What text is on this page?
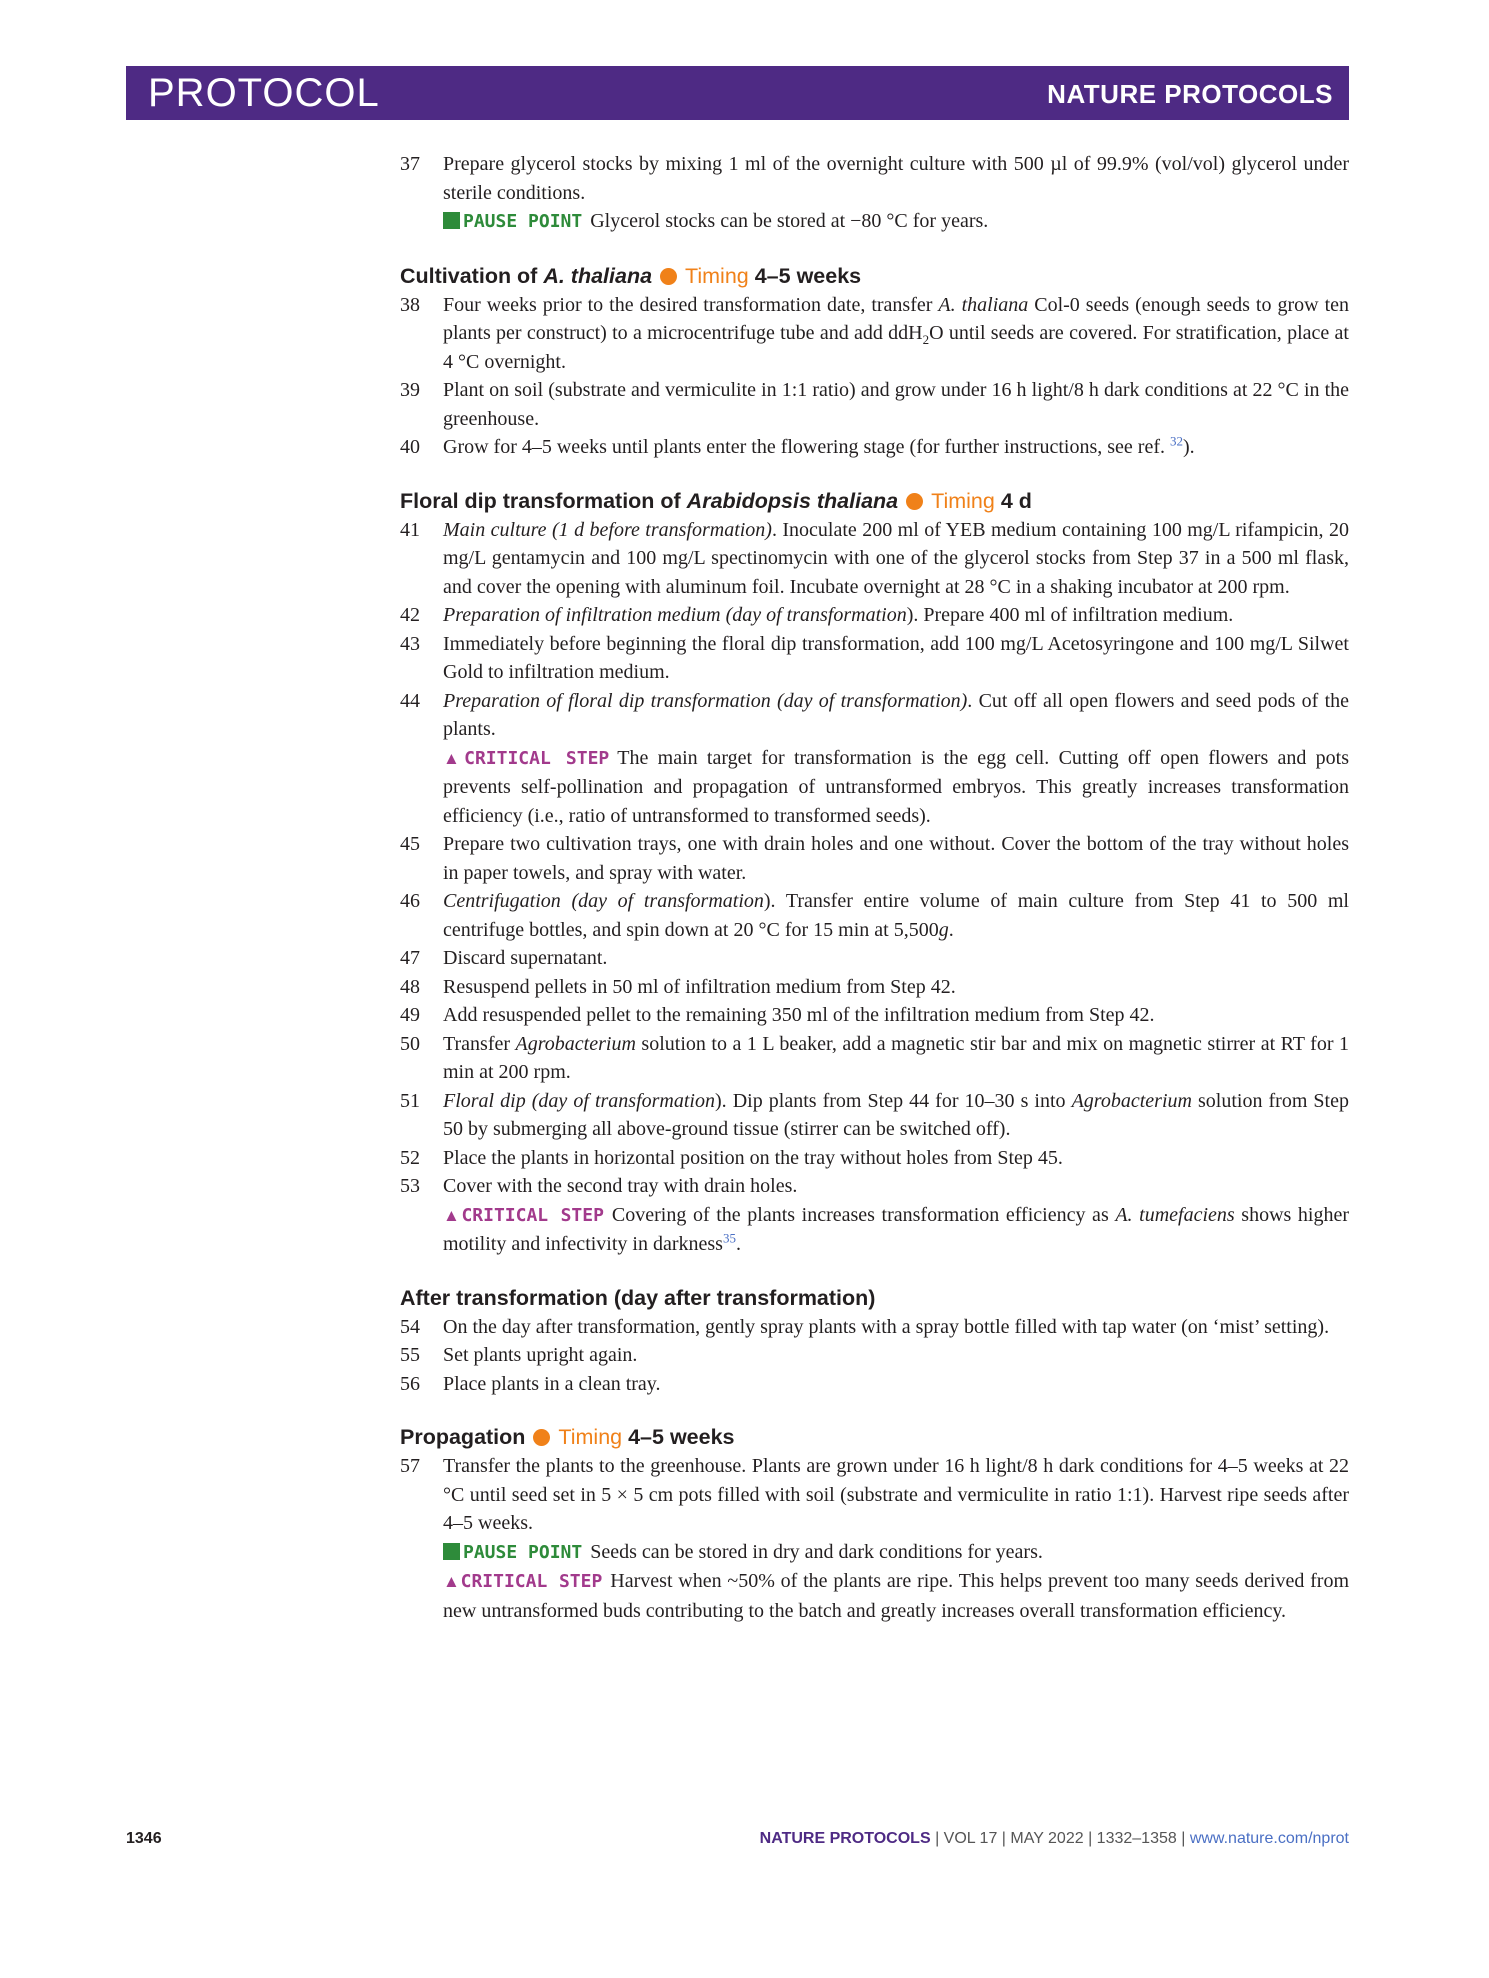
PROTOCOL	NATURE PROTOCOLS
37 Prepare glycerol stocks by mixing 1 ml of the overnight culture with 500 µl of 99.9% (vol/vol) glycerol under sterile conditions.
PAUSE POINT Glycerol stocks can be stored at −80 °C for years.
Cultivation of A. thaliana Timing 4–5 weeks
38 Four weeks prior to the desired transformation date, transfer A. thaliana Col-0 seeds (enough seeds to grow ten plants per construct) to a microcentrifuge tube and add ddH$_2$O until seeds are covered. For stratification, place at 4 °C overnight.
39 Plant on soil (substrate and vermiculite in 1:1 ratio) and grow under 16 h light/8 h dark conditions at 22 °C in the greenhouse.
40 Grow for 4–5 weeks until plants enter the flowering stage (for further instructions, see ref. $^{32}$).
Floral dip transformation of Arabidopsis thaliana Timing 4 d
41 Main culture (1 d before transformation). Inoculate 200 ml of YEB medium containing 100 mg/L rifampicin, 20 mg/L gentamycin and 100 mg/L spectinomycin with one of the glycerol stocks from Step 37 in a 500 ml flask, and cover the opening with aluminum foil. Incubate overnight at 28 °C in a shaking incubator at 200 rpm.
42 Preparation of infiltration medium (day of transformation). Prepare 400 ml of infiltration medium.
43 Immediately before beginning the floral dip transformation, add 100 mg/L Acetosyringone and 100 mg/L Silwet Gold to infiltration medium.
44 Preparation of floral dip transformation (day of transformation). Cut off all open flowers and seed pods of the plants.
▲CRITICAL STEP The main target for transformation is the egg cell. Cutting off open flowers and pots prevents self-pollination and propagation of untransformed embryos. This greatly increases transformation efficiency (i.e., ratio of untransformed to transformed seeds).
45 Prepare two cultivation trays, one with drain holes and one without. Cover the bottom of the tray without holes in paper towels, and spray with water.
46 Centrifugation (day of transformation). Transfer entire volume of main culture from Step 41 to 500 ml centrifuge bottles, and spin down at 20 °C for 15 min at 5,500g.
47 Discard supernatant.
48 Resuspend pellets in 50 ml of infiltration medium from Step 42.
49 Add resuspended pellet to the remaining 350 ml of the infiltration medium from Step 42.
50 Transfer Agrobacterium solution to a 1 L beaker, add a magnetic stir bar and mix on magnetic stirrer at RT for 1 min at 200 rpm.
51 Floral dip (day of transformation). Dip plants from Step 44 for 10–30 s into Agrobacterium solution from Step 50 by submerging all above-ground tissue (stirrer can be switched off).
52 Place the plants in horizontal position on the tray without holes from Step 45.
53 Cover with the second tray with drain holes.
▲CRITICAL STEP Covering of the plants increases transformation efficiency as A. tumefaciens shows higher motility and infectivity in darkness$^{35}$.
After transformation (day after transformation)
54 On the day after transformation, gently spray plants with a spray bottle filled with tap water (on ‘mist’ setting).
55 Set plants upright again.
56 Place plants in a clean tray.
Propagation Timing 4–5 weeks
57 Transfer the plants to the greenhouse. Plants are grown under 16 h light/8 h dark conditions for 4–5 weeks at 22 °C until seed set in 5 × 5 cm pots filled with soil (substrate and vermiculite in ratio 1:1). Harvest ripe seeds after 4–5 weeks.
PAUSE POINT Seeds can be stored in dry and dark conditions for years.
▲CRITICAL STEP Harvest when ~50% of the plants are ripe. This helps prevent too many seeds derived from new untransformed buds contributing to the batch and greatly increases overall transformation efficiency.
1346	NATURE PROTOCOLS | VOL 17 | MAY 2022 | 1332–1358 | www.nature.com/nprot
